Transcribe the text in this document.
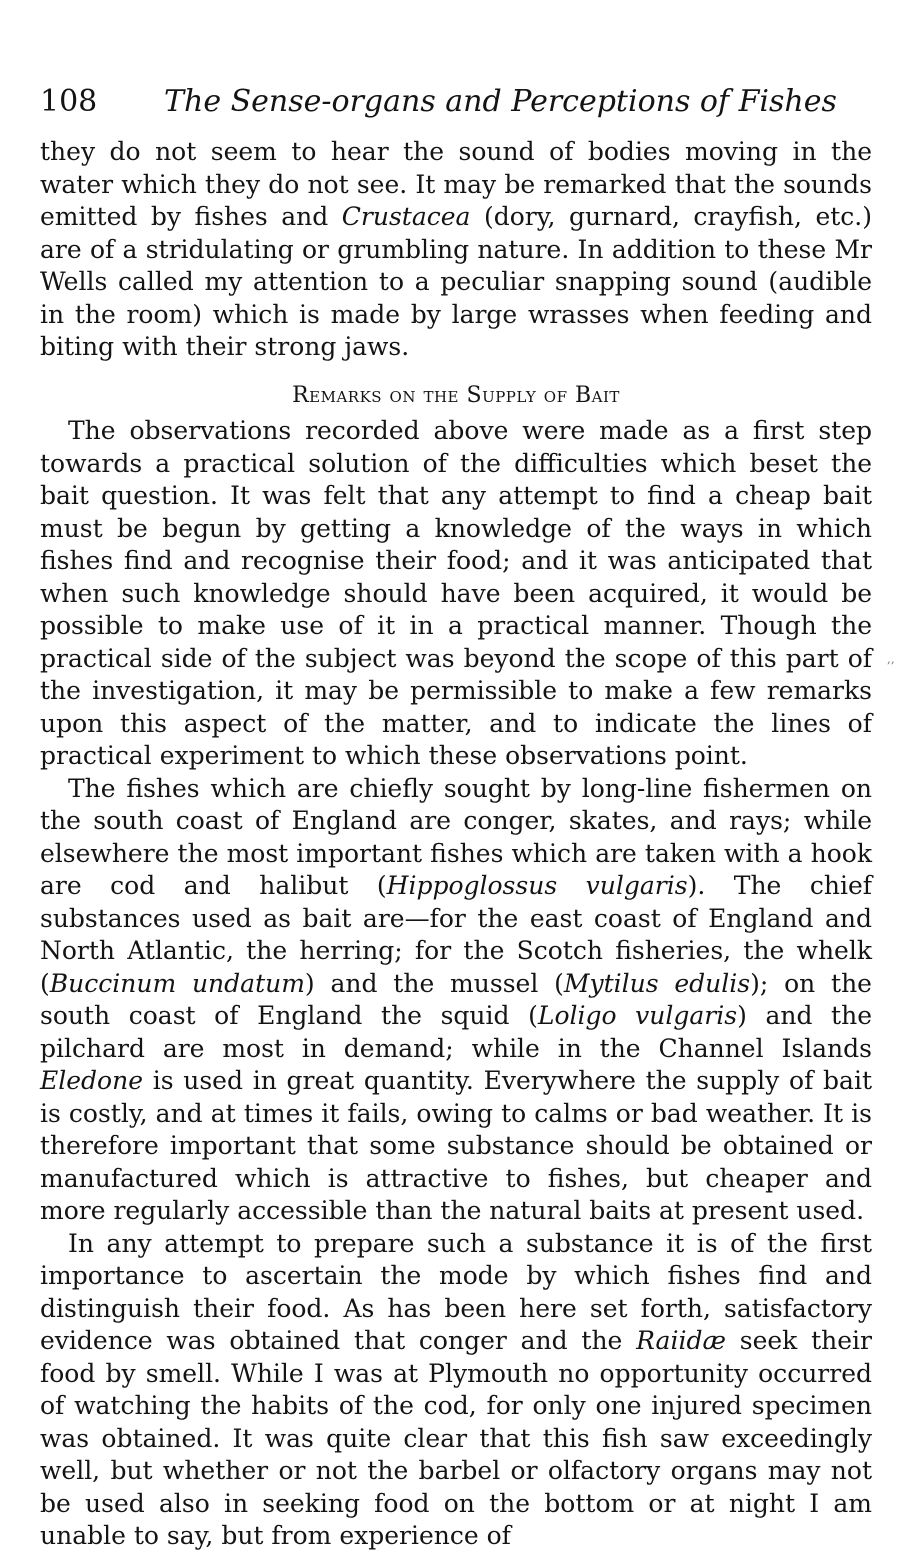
108 The Sense-organs and Perceptions of Fishes

they do not seem to hear the sound of bodies moving in the water which they do not see. It may be remarked that the sounds emitted by fishes and Crustacea (dory, gurnard, crayfish, etc.) are of a stridulating or grumbling nature. In addition to these Mr Wells called my attention to a peculiar snapping sound (audible in the room) which is made by large wrasses when feeding and biting with their strong jaws.

Remarks on the Supply of Bait

The observations recorded above were made as a first step towards a practical solution of the difficulties which beset the bait question. It was felt that any attempt to find a cheap bait must be begun by getting a knowledge of the ways in which fishes find and recognise their food; and it was anticipated that when such knowledge should have been acquired, it would be possible to make use of it in a practical manner. Though the practical side of the subject was beyond the scope of this part of the investigation, it may be permissible to make a few remarks upon this aspect of the matter, and to indicate the lines of practical experiment to which these observations point.

The fishes which are chiefly sought by long-line fishermen on the south coast of England are conger, skates, and rays; while elsewhere the most important fishes which are taken with a hook are cod and halibut (Hippoglossus vulgaris). The chief substances used as bait are—for the east coast of England and North Atlantic, the herring; for the Scotch fisheries, the whelk (Buccinum undatum) and the mussel (Mytilus edulis); on the south coast of England the squid (Loligo vulgaris) and the pilchard are most in demand; while in the Channel Islands Eledone is used in great quantity. Everywhere the supply of bait is costly, and at times it fails, owing to calms or bad weather. It is therefore important that some substance should be obtained or manufactured which is attractive to fishes, but cheaper and more regularly accessible than the natural baits at present used.

In any attempt to prepare such a substance it is of the first importance to ascertain the mode by which fishes find and distinguish their food. As has been here set forth, satisfactory evidence was obtained that conger and the Raiidæ seek their food by smell. While I was at Plymouth no opportunity occurred of watching the habits of the cod, for only one injured specimen was obtained. It was quite clear that this fish saw exceedingly well, but whether or not the barbel or olfactory organs may not be used also in seeking food on the bottom or at night I am unable to say, but from experience of

,,
